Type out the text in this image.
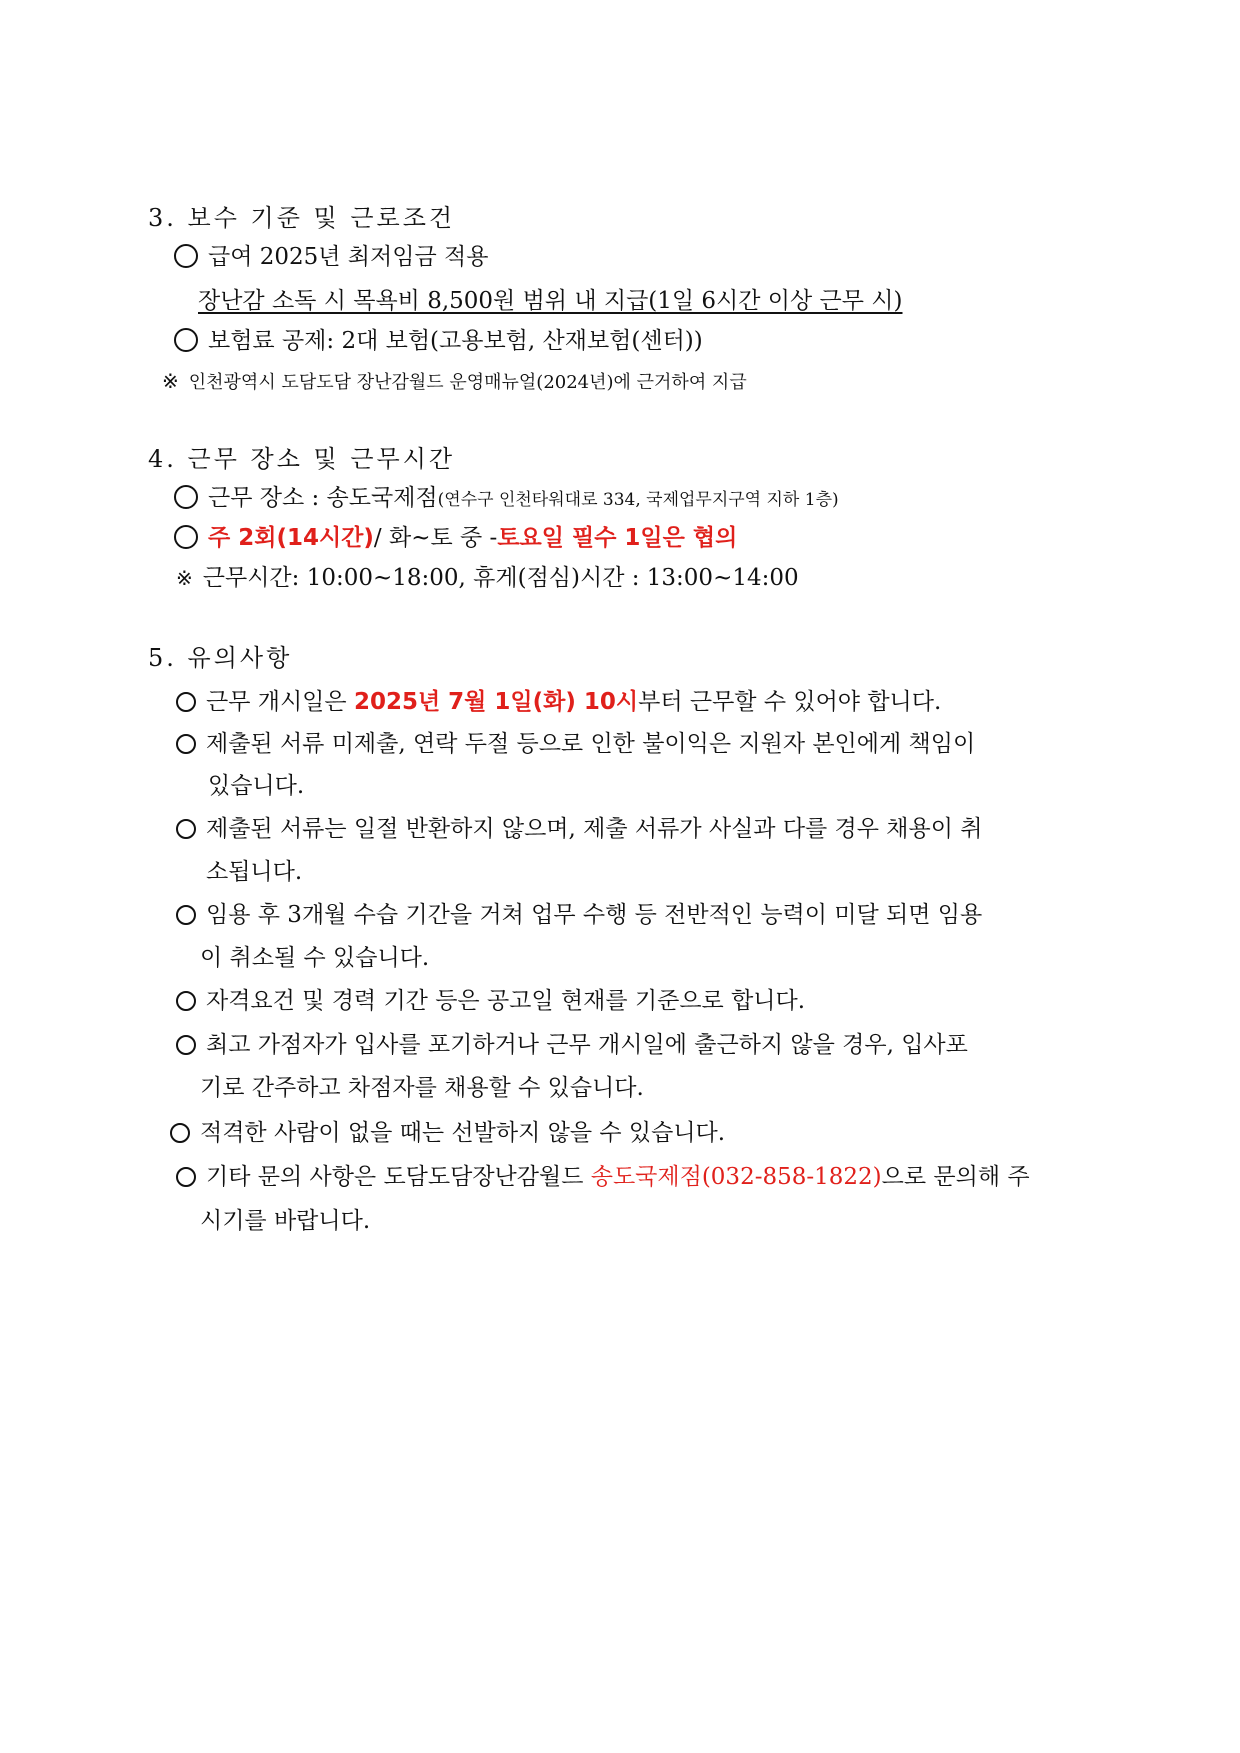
3. 보수 기준 및 근로조건
급여 2025년 최저임금 적용
장난감 소독 시 목욕비 8,500원 범위 내 지급(1일 6시간 이상 근무 시)
보험료 공제: 2대 보험(고용보험, 산재보험(센터))
※ 인천광역시 도담도담 장난감월드 운영매뉴얼(2024년)에 근거하여 지급
4. 근무 장소 및 근무시간
근무 장소 : 송도국제점(연수구 인천타워대로 334, 국제업무지구역 지하 1층)
주 2회(14시간)/ 화~토 중 -토요일 필수 1일은 협의
※ 근무시간: 10:00~18:00, 휴게(점심)시간 : 13:00~14:00
5. 유의사항
근무 개시일은 2025년 7월 1일(화) 10시부터 근무할 수 있어야 합니다.
제출된 서류 미제출, 연락 두절 등으로 인한 불이익은 지원자 본인에게 책임이
있습니다.
제출된 서류는 일절 반환하지 않으며, 제출 서류가 사실과 다를 경우 채용이 취
소됩니다.
임용 후 3개월 수습 기간을 거쳐 업무 수행 등 전반적인 능력이 미달 되면 임용
이 취소될 수 있습니다.
자격요건 및 경력 기간 등은 공고일 현재를 기준으로 합니다.
최고 가점자가 입사를 포기하거나 근무 개시일에 출근하지 않을 경우, 입사포
기로 간주하고 차점자를 채용할 수 있습니다.
적격한 사람이 없을 때는 선발하지 않을 수 있습니다.
기타 문의 사항은 도담도담장난감월드 송도국제점(032-858-1822)으로 문의해 주
시기를 바랍니다.
